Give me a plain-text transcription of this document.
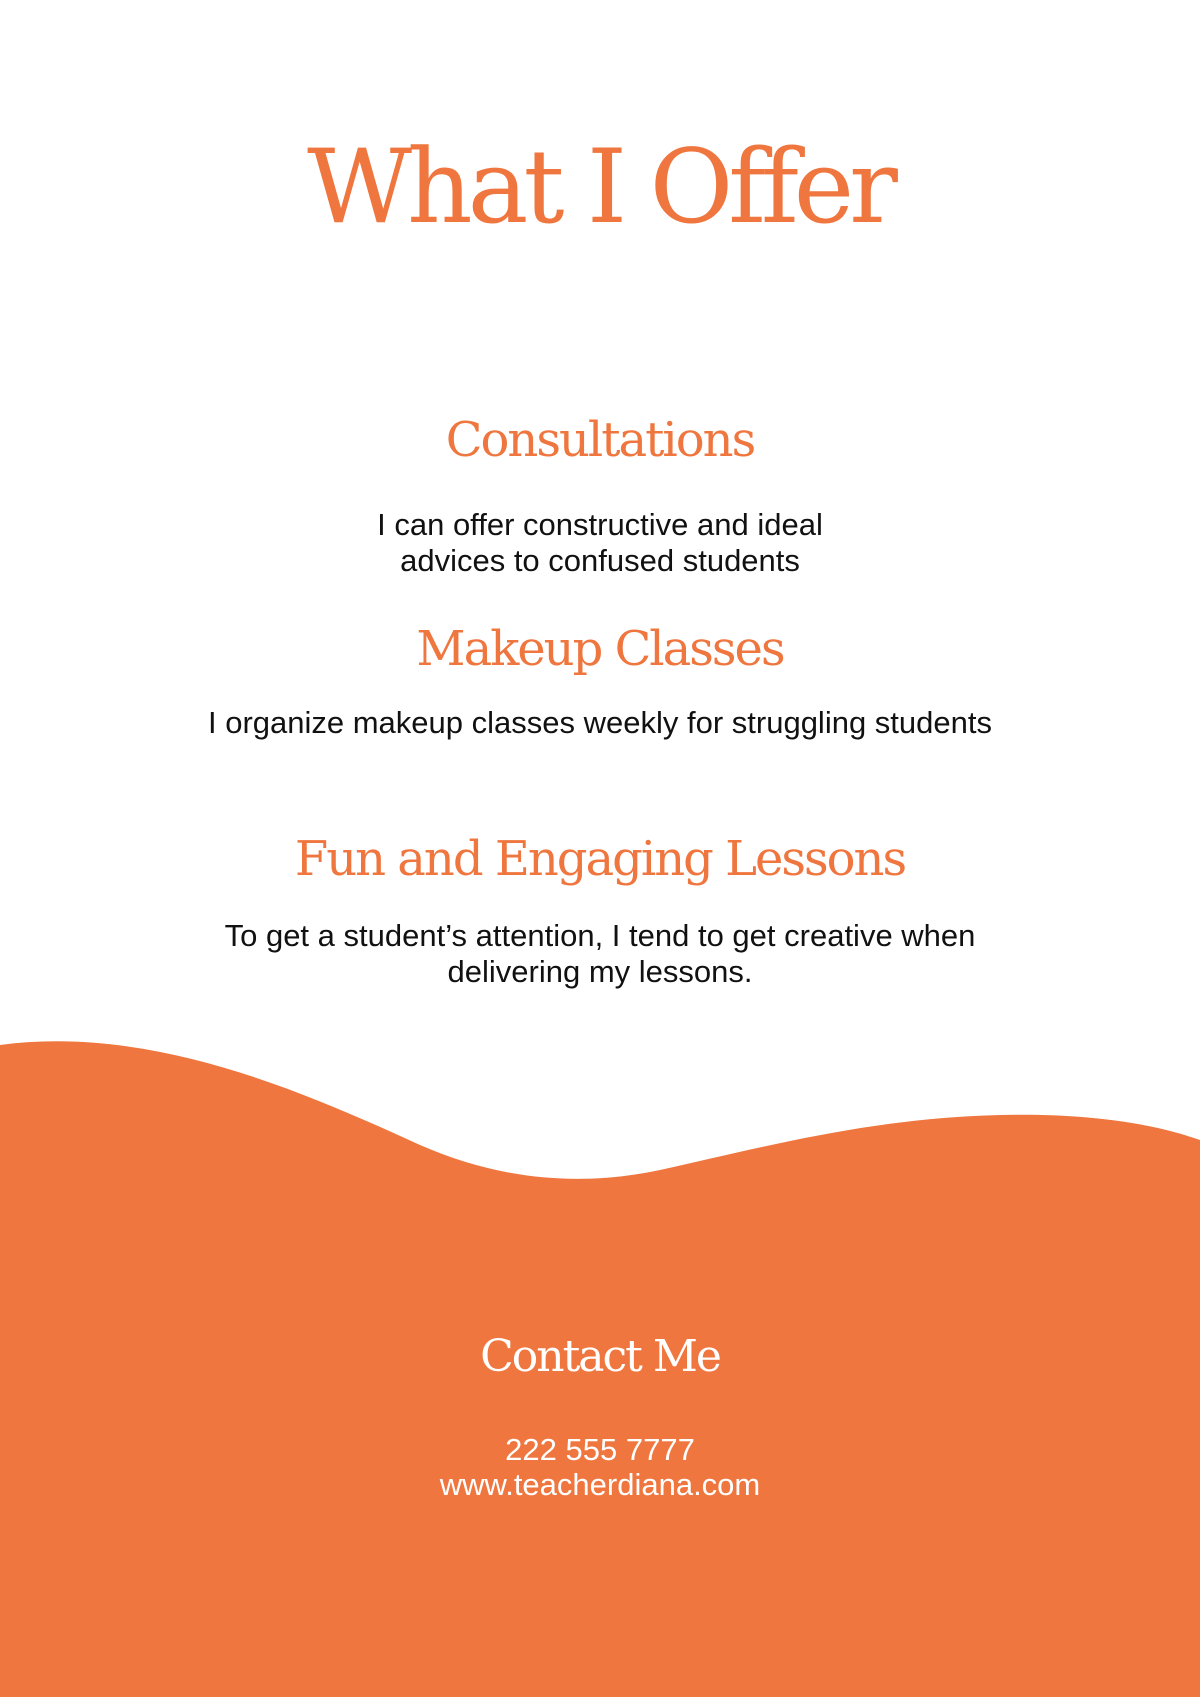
What I Offer
Consultations

I can offer constructive and ideal
advices to confused students

Makeup Classes

I organize makeup classes weekly for struggling students

Fun and Engaging Lessons

To get a student’s attention, I tend to get creative when
delivering my lessons.

Contact Me

222 555 7777

www.teacherdiana.com
